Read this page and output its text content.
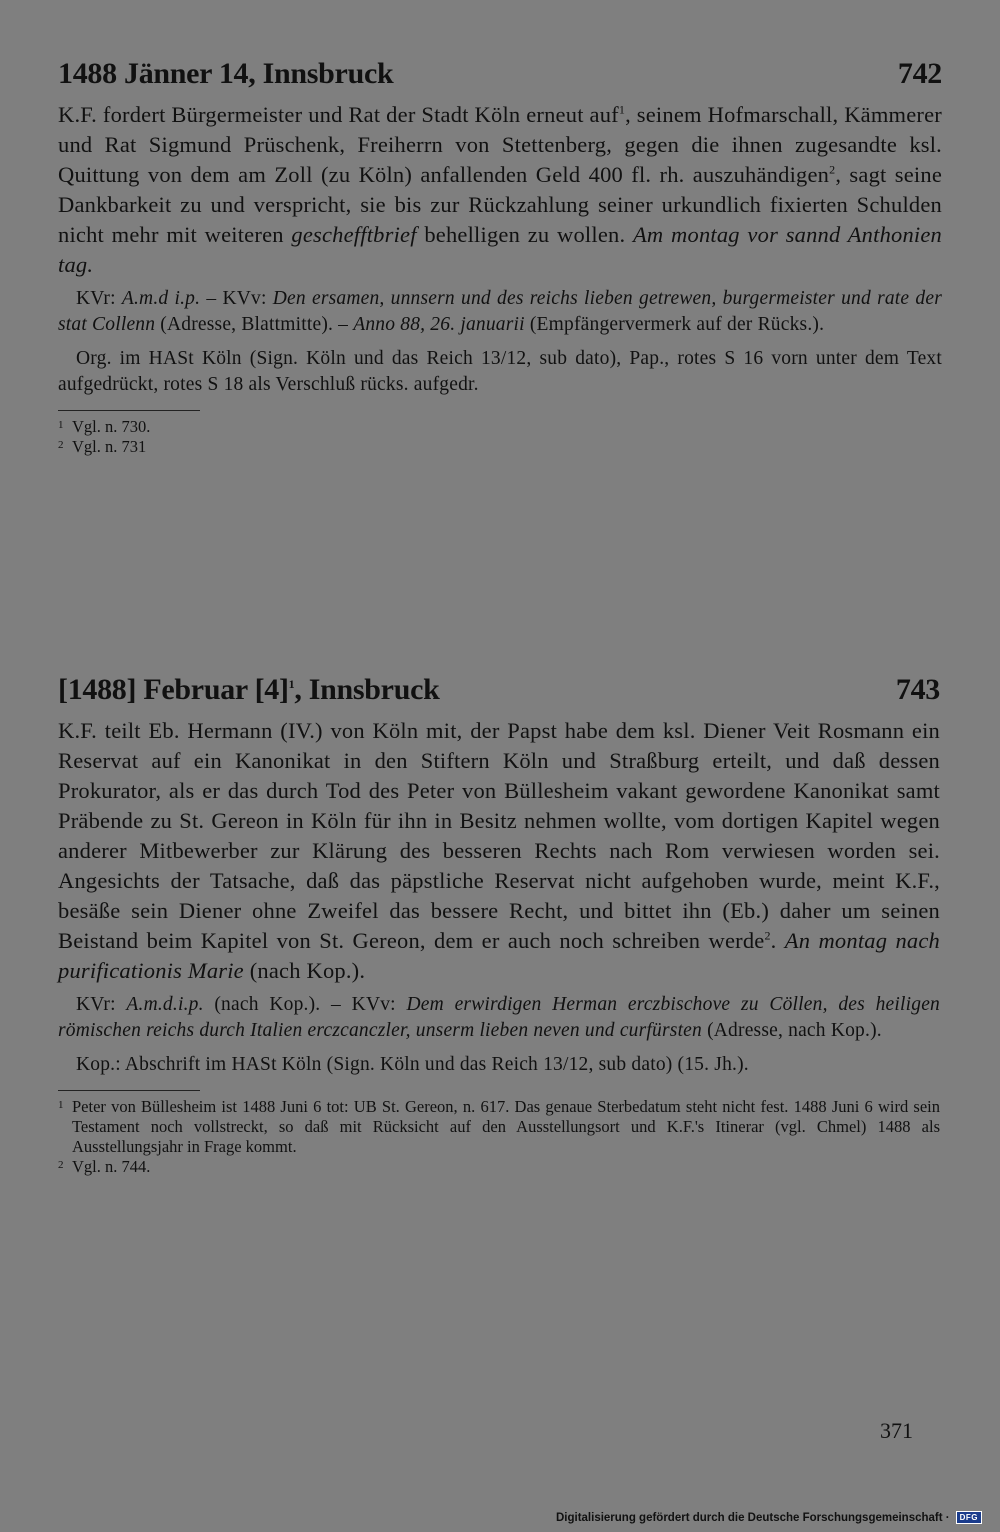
1488 Jänner 14, Innsbruck	742
K.F. fordert Bürgermeister und Rat der Stadt Köln erneut auf$^1$, seinem Hofmarschall, Kämmerer und Rat Sigmund Prüschenk, Freiherrn von Stettenberg, gegen die ihnen zugesandte ksl. Quittung von dem am Zoll (zu Köln) anfallenden Geld 400 fl. rh. auszuhändigen$^2$, sagt seine Dankbarkeit zu und verspricht, sie bis zur Rückzahlung seiner urkundlich fixierten Schulden nicht mehr mit weiteren geschefftbrief behelligen zu wollen. Am montag vor sannd Anthonien tag.
KVr: A.m.d i.p. – KVv: Den ersamen, unnsern und des reichs lieben getrewen, burgermeister und rate der stat Collenn (Adresse, Blattmitte). – Anno 88, 26. januarii (Empfängervermerk auf der Rücks.).
Org. im HASt Köln (Sign. Köln und das Reich 13/12, sub dato), Pap., rotes S 16 vorn unter dem Text aufgedrückt, rotes S 18 als Verschluß rücks. aufgedr.
1 Vgl. n. 730.
2 Vgl. n. 731
[1488] Februar $[4]^1$, Innsbruck	743
K.F. teilt Eb. Hermann (IV.) von Köln mit, der Papst habe dem ksl. Diener Veit Rosmann ein Reservat auf ein Kanonikat in den Stiftern Köln und Straßburg erteilt, und daß dessen Prokurator, als er das durch Tod des Peter von Büllesheim vakant gewordene Kanonikat samt Präbende zu St. Gereon in Köln für ihn in Besitz nehmen wollte, vom dortigen Kapitel wegen anderer Mitbewerber zur Klärung des besseren Rechts nach Rom verwiesen worden sei. Angesichts der Tatsache, daß das päpstliche Reservat nicht aufgehoben wurde, meint K.F., besäße sein Diener ohne Zweifel das bessere Recht, und bittet ihn (Eb.) daher um seinen Beistand beim Kapitel von St. Gereon, dem er auch noch schreiben werde$^2$. An montag nach purificationis Marie (nach Kop.).
KVr: A.m.d.i.p. (nach Kop.). – KVv: Dem erwirdigen Herman erczbischove zu Cöllen, des heiligen römischen reichs durch Italien erczcanczler, unserm lieben neven und curfürsten (Adresse, nach Kop.).
Kop.: Abschrift im HASt Köln (Sign. Köln und das Reich 13/12, sub dato) (15. Jh.).
1 Peter von Büllesheim ist 1488 Juni 6 tot: UB St. Gereon, n. 617. Das genaue Sterbedatum steht nicht fest. 1488 Juni 6 wird sein Testament noch vollstreckt, so daß mit Rücksicht auf den Ausstellungsort und K.F.'s Itinerar (vgl. Chmel) 1488 als Ausstellungsjahr in Frage kommt.
2 Vgl. n. 744.
371
Digitalisierung gefördert durch die Deutsche Forschungsgemeinschaft ·	DFG
